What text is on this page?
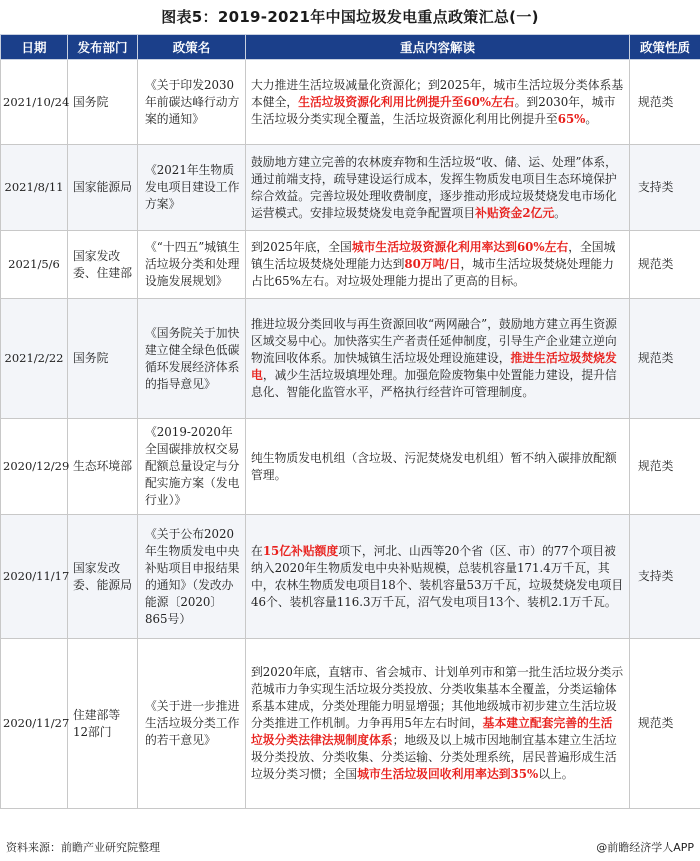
图表5：2019-2021年中国垃圾发电重点政策汇总(一)
日期	发布部门	政策名	重点内容解读	政策性质
2021/10/24	国务院	《关于印发2030年前碳达峰行动方案的通知》	大力推进生活垃圾减量化资源化；到2025年，城市生活垃圾分类体系基本健全，生活垃圾资源化利用比例提升至60%左右。到2030年，城市生活垃圾分类实现全覆盖，生活垃圾资源化利用比例提升至65%。	规范类
2021/8/11	国家能源局	《2021年生物质发电项目建设工作方案》	鼓励地方建立完善的农林废弃物和生活垃圾“收、储、运、处理”体系，通过前端支持，疏导建设运行成本，发挥生物质发电项目生态环境保护综合效益。完善垃圾处理收费制度，逐步推动形成垃圾焚烧发电市场化运营模式。安排垃圾焚烧发电竞争配置项目补贴资金2亿元。	支持类
2021/5/6	国家发改委、住建部	《“十四五”城镇生活垃圾分类和处理设施发展规划》	到2025年底，全国城市生活垃圾资源化利用率达到60%左右，全国城镇生活垃圾焚烧处理能力达到80万吨/日，城市生活垃圾焚烧处理能力占比65%左右。对垃圾处理能力提出了更高的目标。	规范类
2021/2/22	国务院	《国务院关于加快建立健全绿色低碳循环发展经济体系的指导意见》	推进垃圾分类回收与再生资源回收“两网融合”，鼓励地方建立再生资源区域交易中心。加快落实生产者责任延伸制度，引导生产企业建立逆向物流回收体系。加快城镇生活垃圾处理设施建设，推进生活垃圾焚烧发电，减少生活垃圾填埋处理。加强危险废物集中处置能力建设，提升信息化、智能化监管水平，严格执行经营许可管理制度。	规范类
2020/12/29	生态环境部	《2019-2020年全国碳排放权交易配额总量设定与分配实施方案（发电行业）》	纯生物质发电机组（含垃圾、污泥焚烧发电机组）暂不纳入碳排放配额管理。	规范类
2020/11/17	国家发改委、能源局	《关于公布2020年生物质发电中央补贴项目申报结果的通知》（发改办能源〔2020〕865号）	在15亿补贴额度项下，河北、山西等20个省（区、市）的77个项目被纳入2020年生物质发电中央补贴规模，总装机容量171.4万千瓦，其中，农林生物质发电项目18个、装机容量53万千瓦，垃圾焚烧发电项目46个、装机容量116.3万千瓦，沼气发电项目13个、装机2.1万千瓦。	支持类
2020/11/27	住建部等12部门	《关于进一步推进生活垃圾分类工作的若干意见》	到2020年底，直辖市、省会城市、计划单列市和第一批生活垃圾分类示范城市力争实现生活垃圾分类投放、分类收集基本全覆盖，分类运输体系基本建成，分类处理能力明显增强；其他地级城市初步建立生活垃圾分类推进工作机制。力争再用5年左右时间，基本建立配套完善的生活垃圾分类法律法规制度体系；地级及以上城市因地制宜基本建立生活垃圾分类投放、分类收集、分类运输、分类处理系统，居民普遍形成生活垃圾分类习惯；全国城市生活垃圾回收利用率达到35%以上。	规范类
资料来源：前瞻产业研究院整理	@前瞻经济学人APP
